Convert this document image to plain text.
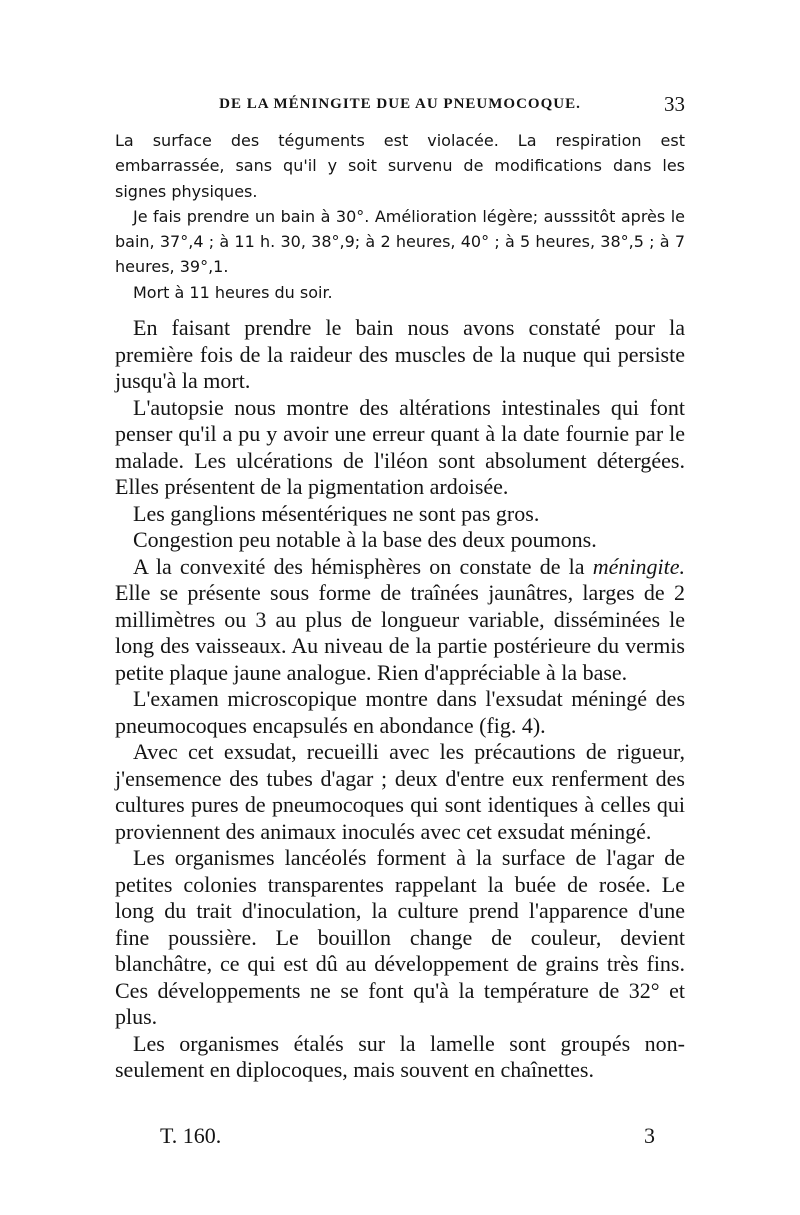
DE LA MÉNINGITE DUE AU PNEUMOCOQUE.	33

La surface des téguments est violacée. La respiration est embarrassée, sans qu'il y soit survenu de modifications dans les signes physiques.

Je fais prendre un bain à 30°. Amélioration légère; ausssitôt après le bain, 37°,4 ; à 11 h. 30, 38°,9; à 2 heures, 40° ; à 5 heures, 38°,5 ; à 7 heures, 39°,1.

Mort à 11 heures du soir.

En faisant prendre le bain nous avons constaté pour la première fois de la raideur des muscles de la nuque qui persiste jusqu'à la mort.

L'autopsie nous montre des altérations intestinales qui font penser qu'il a pu y avoir une erreur quant à la date fournie par le malade. Les ulcérations de l'iléon sont absolument détergées. Elles présentent de la pigmentation ardoisée.

Les ganglions mésentériques ne sont pas gros.

Congestion peu notable à la base des deux poumons.

A la convexité des hémisphères on constate de la méningite. Elle se présente sous forme de traînées jaunâtres, larges de 2 millimètres ou 3 au plus de longueur variable, disséminées le long des vaisseaux. Au niveau de la partie postérieure du vermis petite plaque jaune analogue. Rien d'appréciable à la base.

L'examen microscopique montre dans l'exsudat méningé des pneumocoques encapsulés en abondance (fig. 4).

Avec cet exsudat, recueilli avec les précautions de rigueur, j'ensemence des tubes d'agar ; deux d'entre eux renferment des cultures pures de pneumocoques qui sont identiques à celles qui proviennent des animaux inoculés avec cet exsudat méningé.

Les organismes lancéolés forment à la surface de l'agar de petites colonies transparentes rappelant la buée de rosée. Le long du trait d'inoculation, la culture prend l'apparence d'une fine poussière. Le bouillon change de couleur, devient blanchâtre, ce qui est dû au développement de grains très fins. Ces développements ne se font qu'à la température de 32° et plus.

Les organismes étalés sur la lamelle sont groupés non-seulement en diplocoques, mais souvent en chaînettes.

T. 160.	3
